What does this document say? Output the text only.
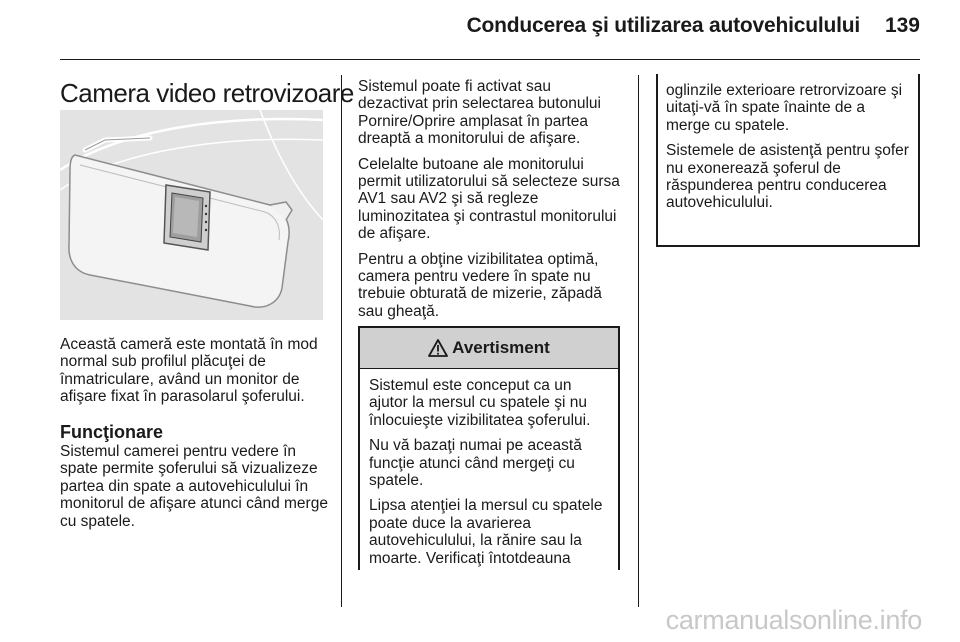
Conducerea şi utilizarea autovehiculului 139
Camera video retrovizoare

Această cameră este montată în mod normal sub profilul plăcuţei de înmatriculare, având un monitor de afişare fixat în parasolarul şoferului.

Funcţionare

Sistemul camerei pentru vedere în spate permite şoferului să vizualizeze partea din spate a autovehiculului în monitorul de afişare atunci când merge cu spatele.

Sistemul poate fi activat sau dezactivat prin selectarea butonului Pornire/Oprire amplasat în partea dreaptă a monitorului de afişare.

Celelalte butoane ale monitorului permit utilizatorului să selecteze sursa AV1 sau AV2 şi să regleze luminozitatea şi contrastul monitorului de afişare.

Pentru a obţine vizibilitatea optimă, camera pentru vedere în spate nu trebuie obturată de mizerie, zăpadă sau gheaţă.

Avertisment

Sistemul este conceput ca un ajutor la mersul cu spatele şi nu înlocuieşte vizibilitatea şoferului.

Nu vă bazaţi numai pe această funcţie atunci când mergeţi cu spatele.

Lipsa atenţiei la mersul cu spatele poate duce la avarierea autovehiculului, la rănire sau la moarte. Verificaţi întotdeauna

oglinzile exterioare retrorvizoare şi uitaţi-vă în spate înainte de a merge cu spatele.

Sistemele de asistenţă pentru şofer nu exonerează şoferul de răspunderea pentru conducerea autovehiculului.

carmanualsonline.info
